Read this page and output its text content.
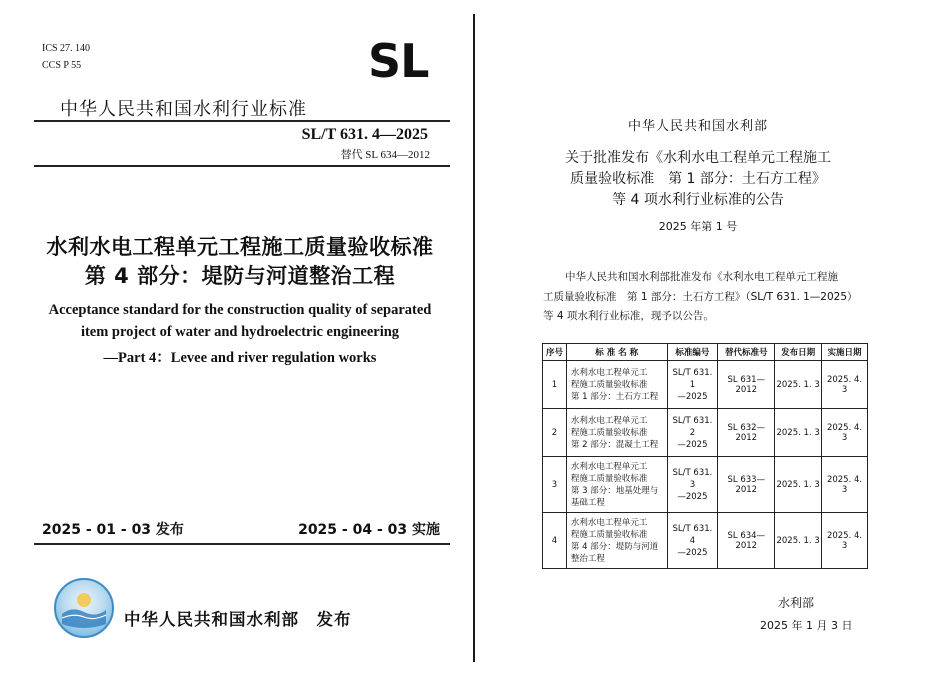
ICS 27. 140
CCS P 55	SL
中华人民共和国水利行业标准
SL/T 631. 4—2025
替代 SL 634—2012
水利水电工程单元工程施工质量验收标准
第 4 部分：堤防与河道整治工程
Acceptance standard for the construction quality of separated
item project of water and hydroelectric engineering
—Part 4：Levee and river regulation works
2025 - 01 - 03 发布	2025 - 04 - 03 实施
中华人民共和国水利部　发布
中华人民共和国水利部
关于批准发布《水利水电工程单元工程施工
质量验收标准　第 1 部分：土石方工程》
等 4 项水利行业标准的公告
2025 年第 1 号
中华人民共和国水利部批准发布《水利水电工程单元工程施
工质量验收标准　第 1 部分：土石方工程》（SL/T 631. 1—2025）
等 4 项水利行业标准，现予以公告。
序号	标 准 名 称	标准编号	替代标准号	发布日期	实施日期
1	水利水电工程单元工
程施工质量验收标准
第 1 部分：土石方工程	SL/T 631. 1
—2025	SL 631—2012	2025. 1. 3	2025. 4. 3
2	水利水电工程单元工
程施工质量验收标准
第 2 部分：混凝土工程	SL/T 631. 2
—2025	SL 632—2012	2025. 1. 3	2025. 4. 3
3	水利水电工程单元工
程施工质量验收标准
第 3 部分：地基处理与
基础工程	SL/T 631. 3
—2025	SL 633—2012	2025. 1. 3	2025. 4. 3
4	水利水电工程单元工
程施工质量验收标准
第 4 部分：堤防与河道
整治工程	SL/T 631. 4
—2025	SL 634—2012	2025. 1. 3	2025. 4. 3
水利部
2025 年 1 月 3 日
